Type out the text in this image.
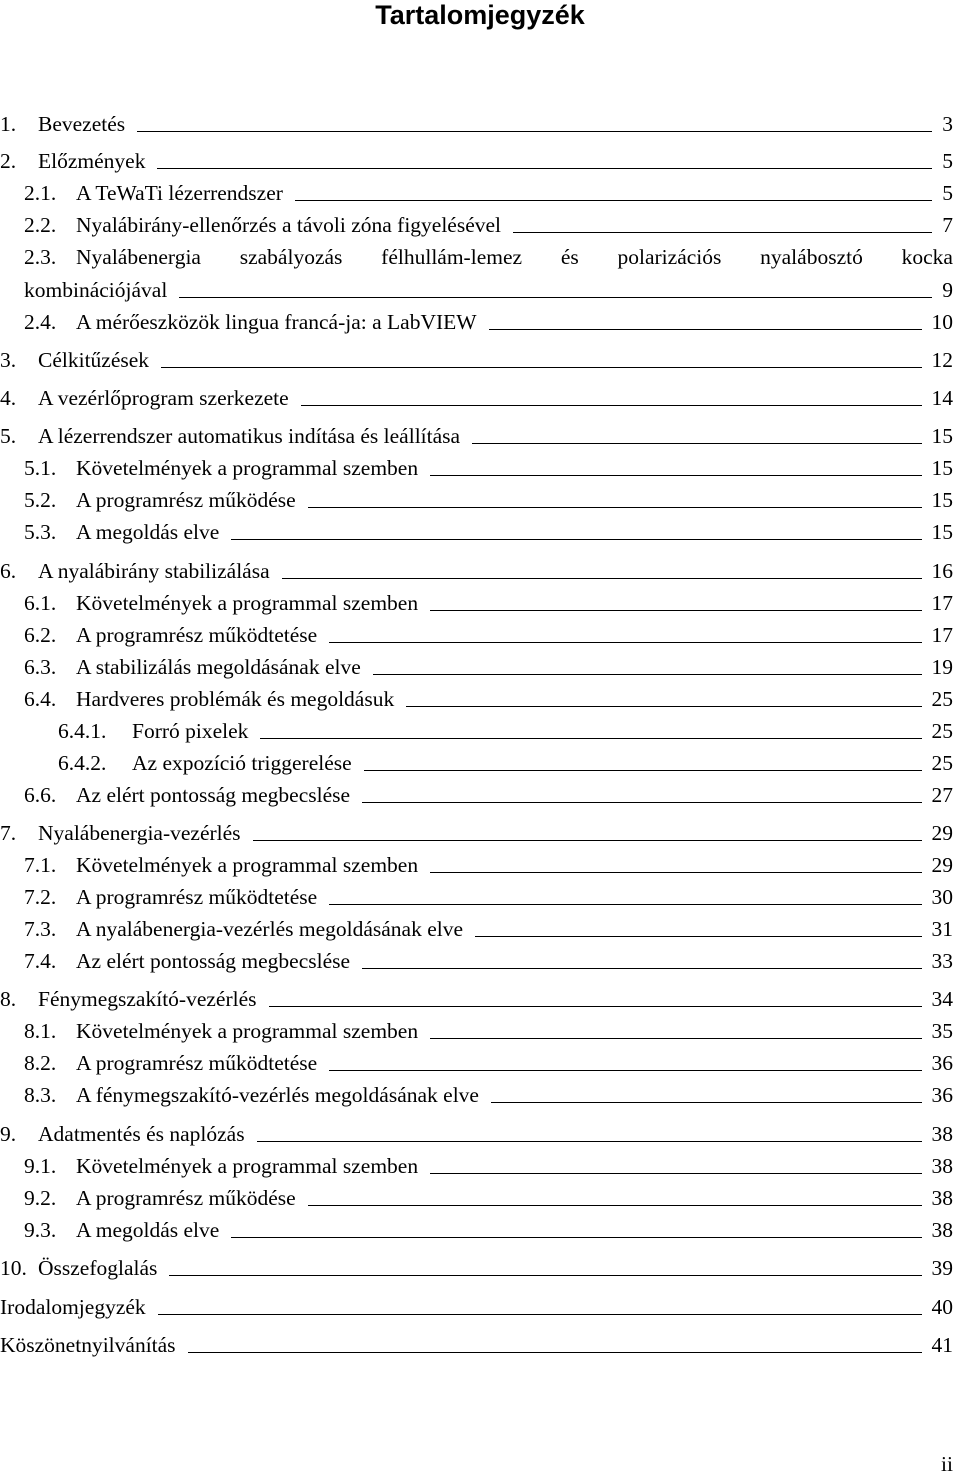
Tartalomjegyzék
1.	Bevezetés	3
2.	Előzmények	5
2.1. A TeWaTi lézerrendszer	5
2.2. Nyalábirány-ellenőrzés a távoli zóna figyelésével	7
2.3. Nyalábenergia szabályozás félhullám-lemez és polarizációs nyalábosztó kocka
kombinációjával	9
2.4. A mérőeszközök lingua francá-ja: a LabVIEW	10
3.	Célkitűzések	12
4.	A vezérlőprogram szerkezete	14
5.	A lézerrendszer automatikus indítása és leállítása	15
5.1. Követelmények a programmal szemben	15
5.2. A programrész működése	15
5.3. A megoldás elve	15
6.	A nyalábirány stabilizálása	16
6.1. Követelmények a programmal szemben	17
6.2. A programrész működtetése	17
6.3. A stabilizálás megoldásának elve	19
6.4. Hardveres problémák és megoldásuk	25
6.4.1.	Forró pixelek	25
6.4.2.	Az expozíció triggerelése	25
6.6. Az elért pontosság megbecslése	27
7.	Nyalábenergia-vezérlés	29
7.1. Követelmények a programmal szemben	29
7.2. A programrész működtetése	30
7.3. A nyalábenergia-vezérlés megoldásának elve	31
7.4. Az elért pontosság megbecslése	33
8.	Fénymegszakító-vezérlés	34
8.1. Követelmények a programmal szemben	35
8.2. A programrész működtetése	36
8.3. A fénymegszakító-vezérlés megoldásának elve	36
9.	Adatmentés és naplózás	38
9.1. Követelmények a programmal szemben	38
9.2. A programrész működése	38
9.3. A megoldás elve	38
10. Összefoglalás	39
Irodalomjegyzék	40
Köszönetnyilvánítás	41
ii
